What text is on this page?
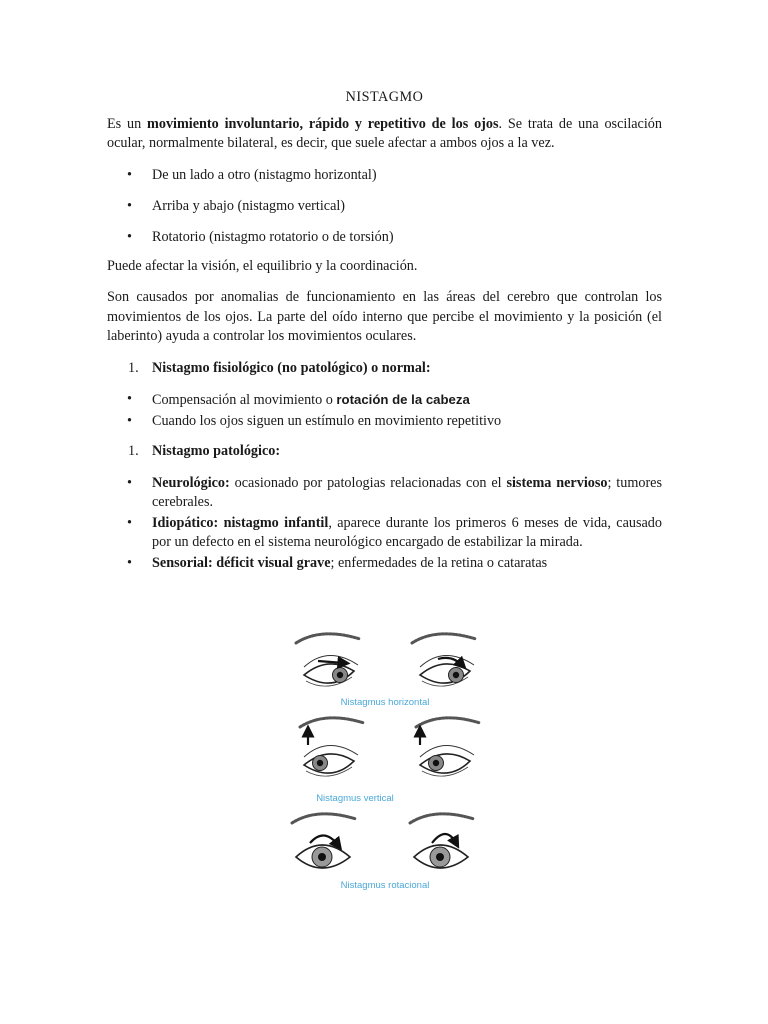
NISTAGMO

Es un movimiento involuntario, rápido y repetitivo de los ojos. Se trata de una oscilación ocular, normalmente bilateral, es decir, que suele afectar a ambos ojos a la vez.

• De un lado a otro (nistagmo horizontal)
• Arriba y abajo (nistagmo vertical)
• Rotatorio (nistagmo rotatorio o de torsión)

Puede afectar la visión, el equilibrio y la coordinación.

Son causados por anomalias de funcionamiento en las áreas del cerebro que controlan los movimientos de los ojos. La parte del oído interno que percibe el movimiento y la posición (el laberinto) ayuda a controlar los movimientos oculares.

1. Nistagmo fisiológico (no patológico) o normal:
• Compensación al movimiento o rotación de la cabeza
• Cuando los ojos siguen un estímulo en movimiento repetitivo
1. Nistagmo patológico:
• Neurológico: ocasionado por patologias relacionadas con el sistema nervioso; tumores cerebrales.
• Idiopático: nistagmo infantil, aparece durante los primeros 6 meses de vida, causado por un defecto en el sistema neurológico encargado de estabilizar la mirada.
• Sensorial: déficit visual grave; enfermedades de la retina o cataratas
Nistagmus horizontal
Nistagmus vertical
Nistagmus rotacional
